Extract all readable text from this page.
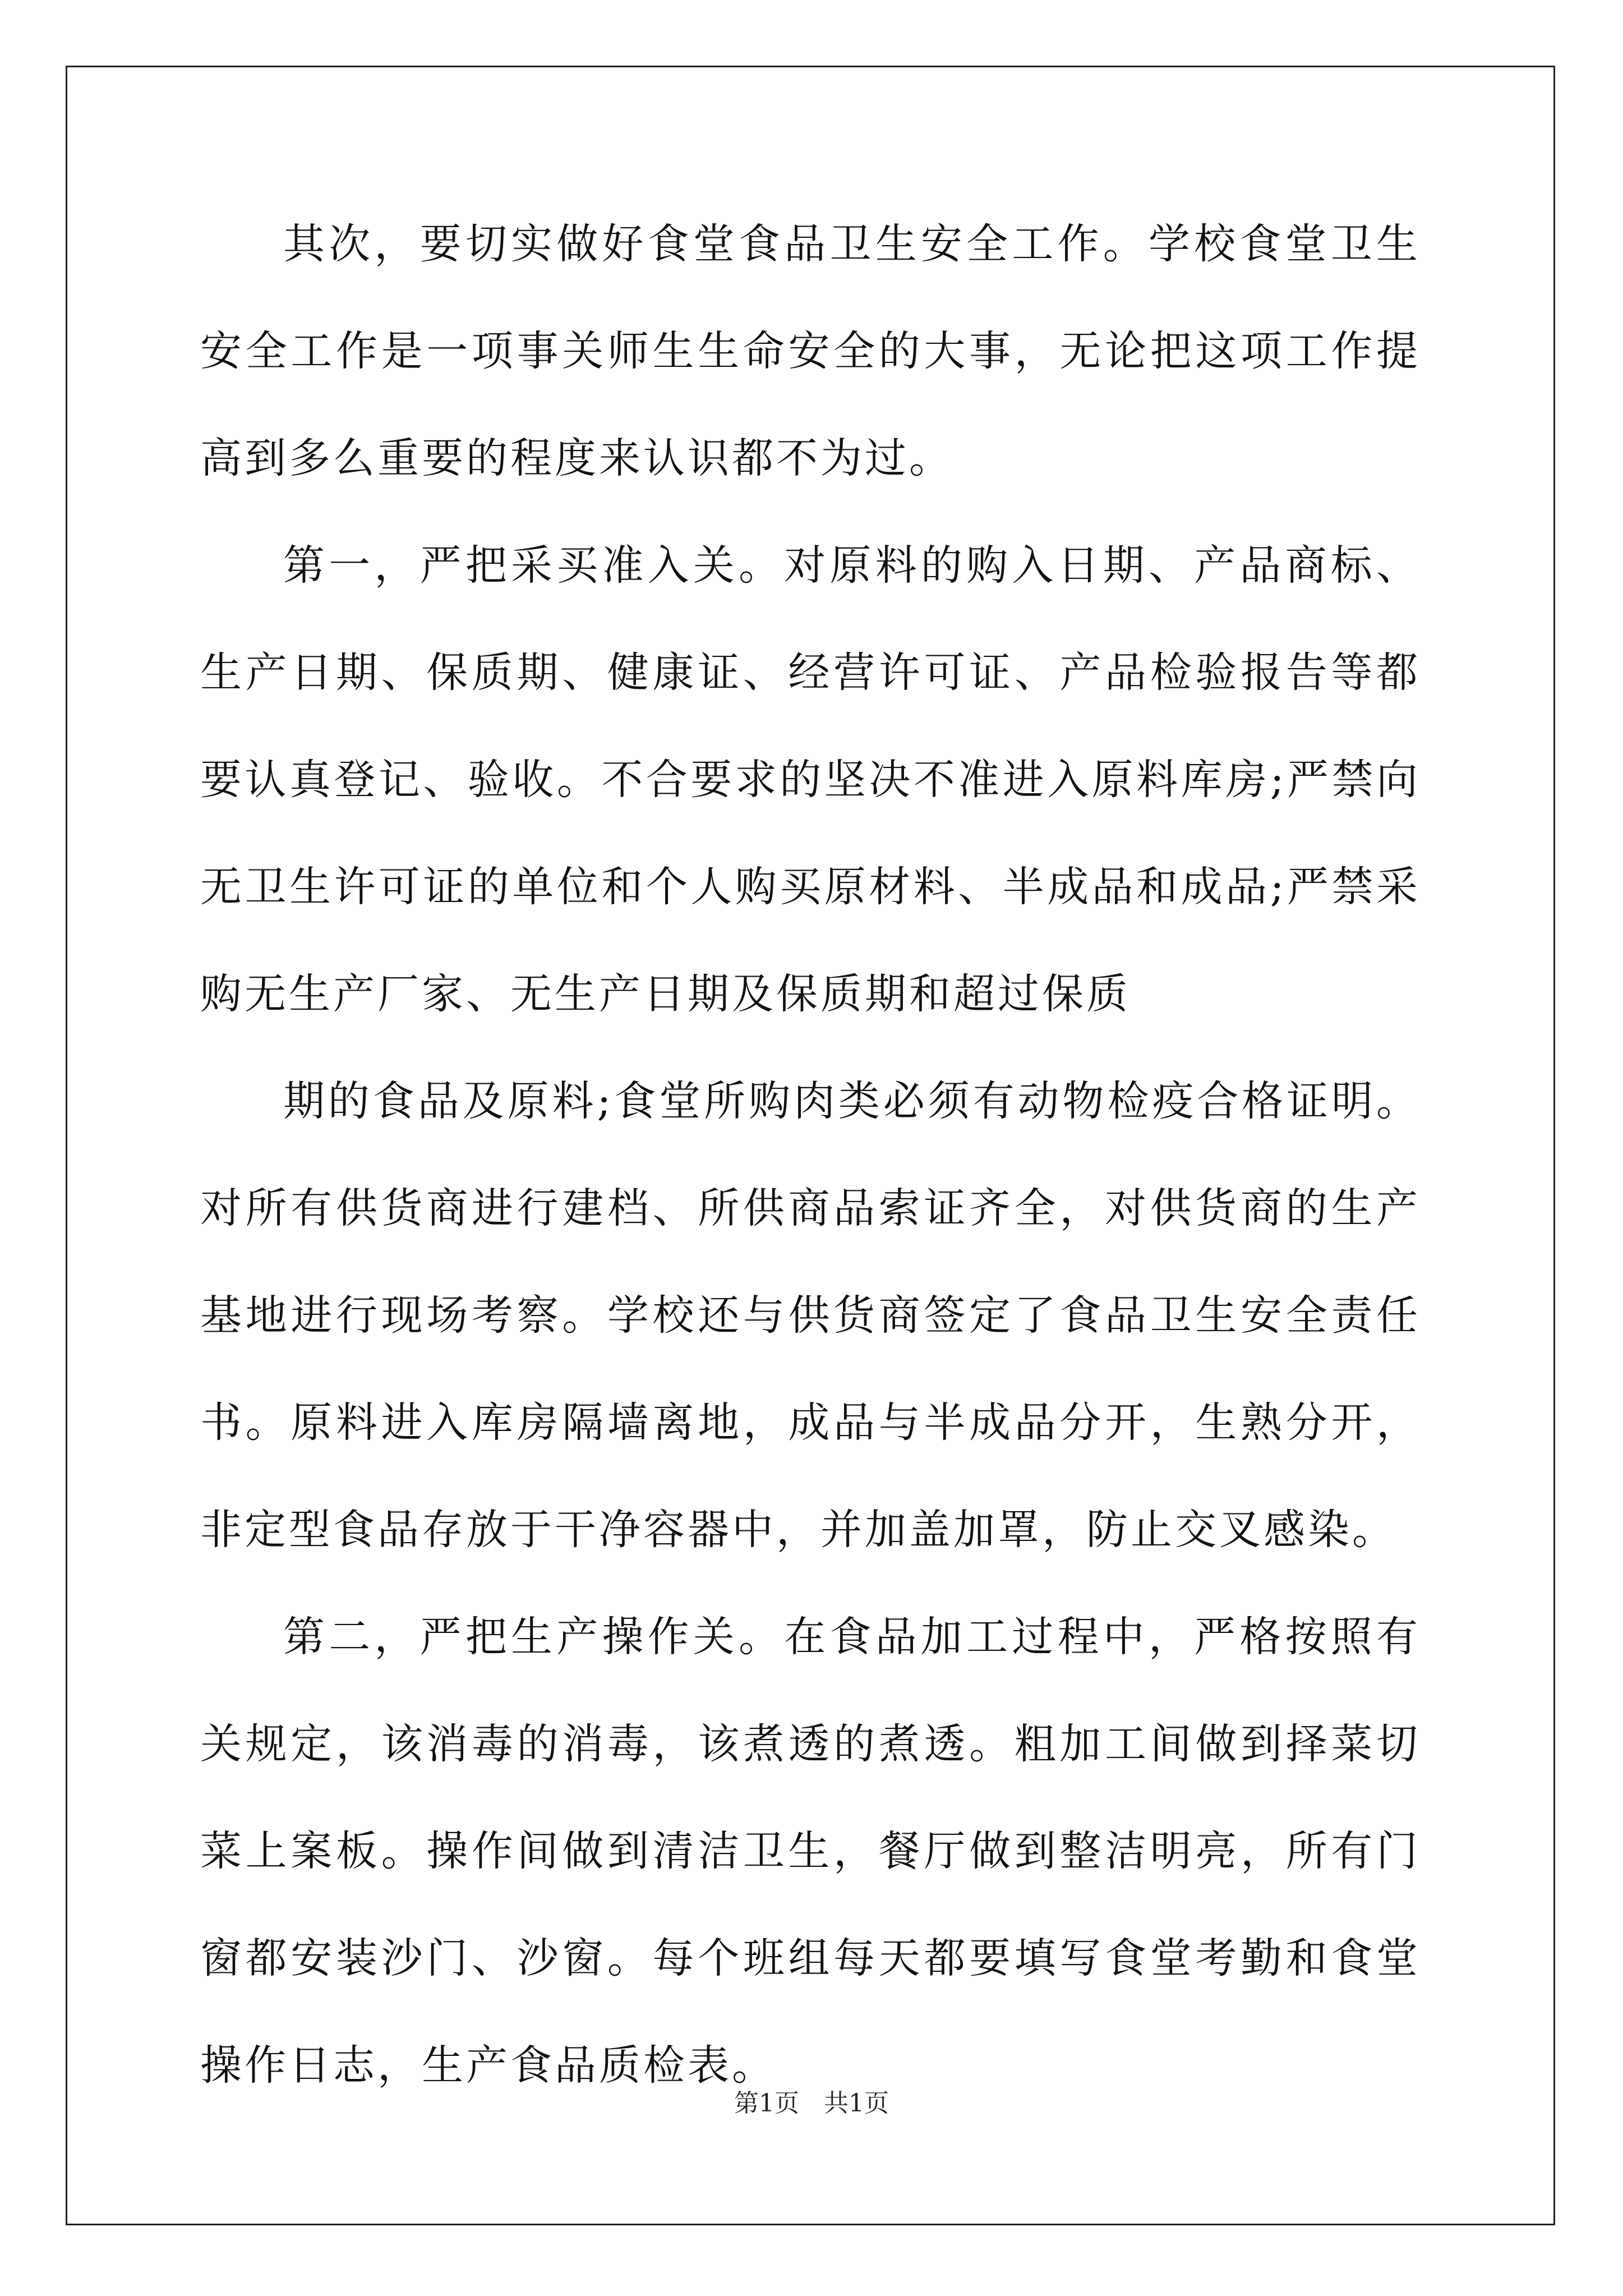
其次，要切实做好食堂食品卫生安全工作。学校食堂卫生安全工作是一项事关师生生命安全的大事，无论把这项工作提高到多么重要的程度来认识都不为过。

第一，严把采买准入关。对原料的购入日期、产品商标、生产日期、保质期、健康证、经营许可证、产品检验报告等都要认真登记、验收。不合要求的坚决不准进入原料库房;严禁向无卫生许可证的单位和个人购买原材料、半成品和成品;严禁采购无生产厂家、无生产日期及保质期和超过保质

期的食品及原料;食堂所购肉类必须有动物检疫合格证明。对所有供货商进行建档、所供商品索证齐全，对供货商的生产基地进行现场考察。学校还与供货商签定了食品卫生安全责任书。原料进入库房隔墙离地，成品与半成品分开，生熟分开，非定型食品存放于干净容器中，并加盖加罩，防止交叉感染。

第二，严把生产操作关。在食品加工过程中，严格按照有关规定，该消毒的消毒，该煮透的煮透。粗加工间做到择菜切菜上案板。操作间做到清洁卫生，餐厅做到整洁明亮，所有门窗都安装沙门、沙窗。每个班组每天都要填写食堂考勤和食堂操作日志，生产食品质检表。

第1页　共1页
